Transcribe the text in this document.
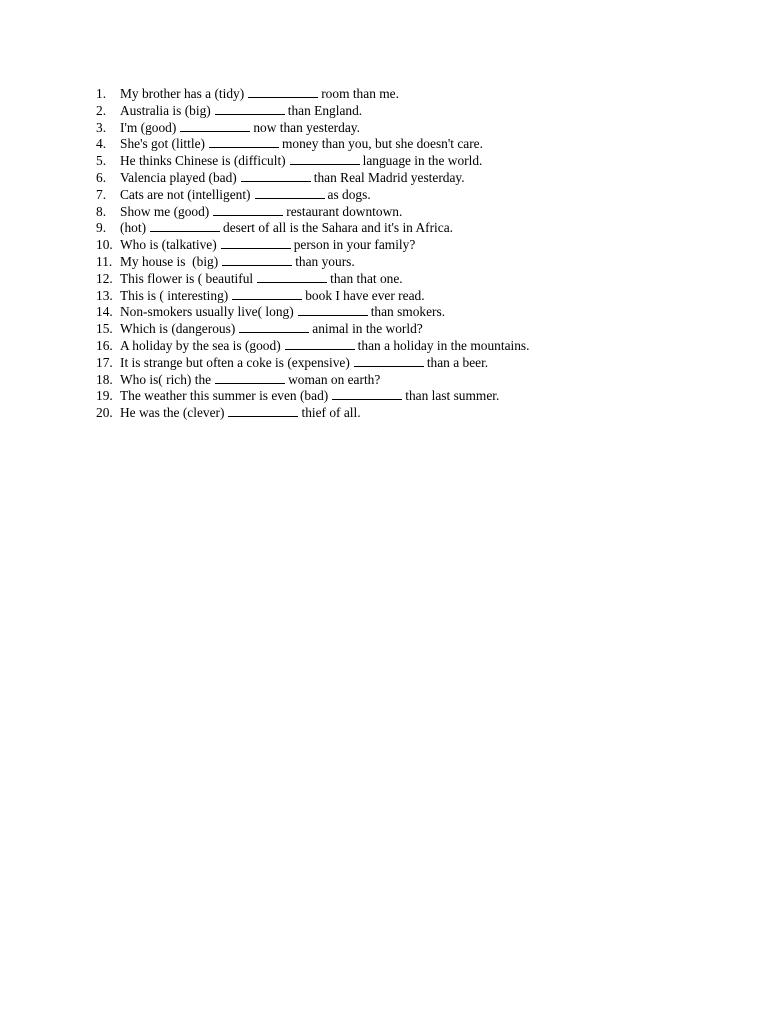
1.	My brother has a (tidy)	room than me.
2.	Australia is (big)	than England.
3.	I'm (good)	now than yesterday.
4.	She's got (little)	money than you, but she doesn't care.
5.	He thinks Chinese is (difficult)	language in the world.
6.	Valencia played (bad)	than Real Madrid yesterday.
7.	Cats are not (intelligent)	as dogs.
8.	Show me (good)	restaurant downtown.
9.	(hot)	desert of all is the Sahara and it's in Africa.
10. Who is (talkative)	person in your family?
11. My house is  (big)	than yours.
12. This flower is ( beautiful	than that one.
13. This is ( interesting)	book I have ever read.
14. Non-smokers usually live( long)	than smokers.
15. Which is (dangerous)	animal in the world?
16. A holiday by the sea is (good)	than a holiday in the mountains.
17. It is strange but often a coke is (expensive)	than a beer.
18. Who is( rich) the	woman on earth?
19. The weather this summer is even (bad)	than last summer.
20. He was the (clever)	thief of all.
